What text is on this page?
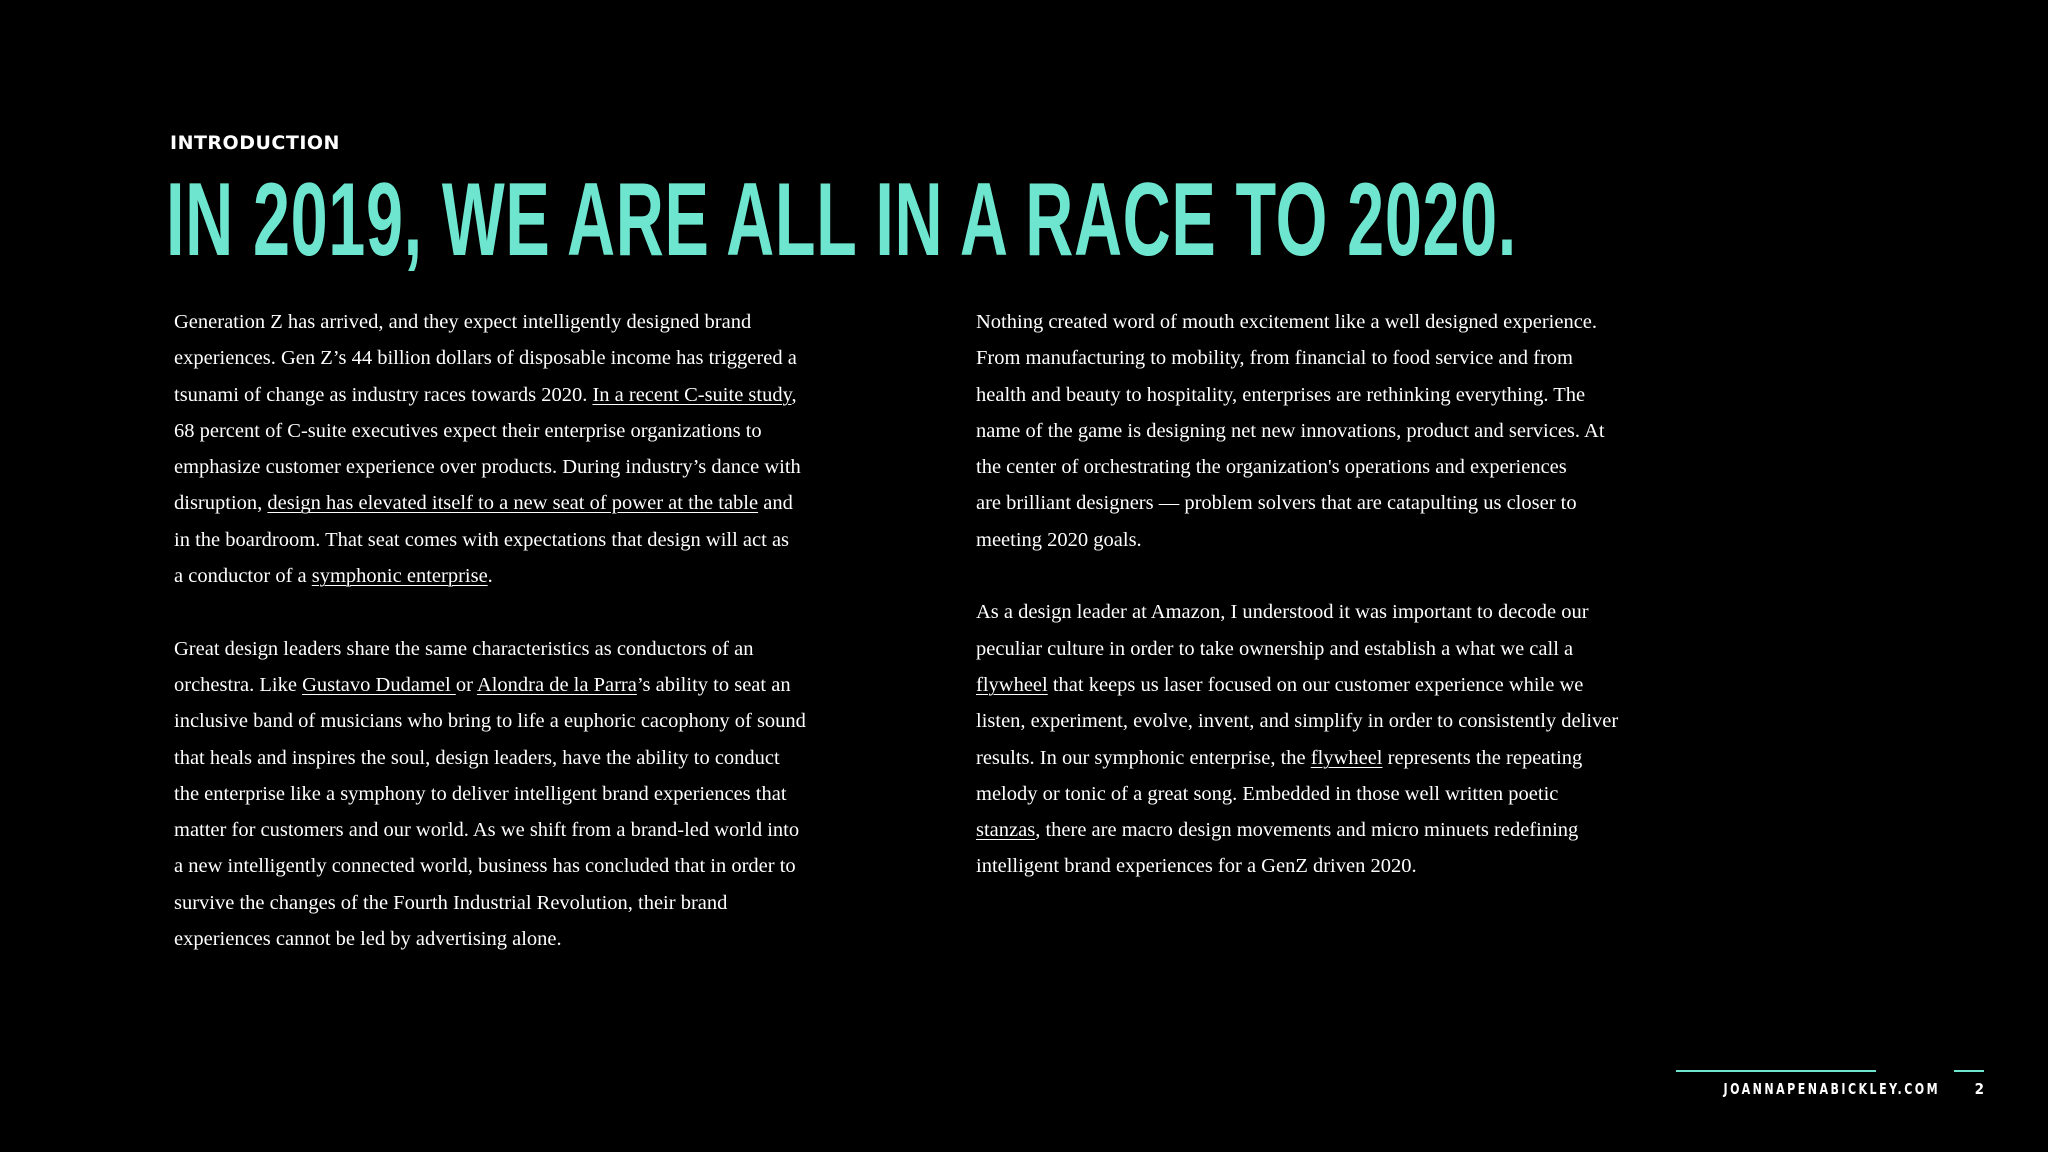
INTRODUCTION
IN 2019, WE ARE ALL IN A RACE TO 2020.

Generation Z has arrived, and they expect intelligently designed brand
experiences. Gen Z’s 44 billion dollars of disposable income has triggered a
tsunami of change as industry races towards 2020. In a recent C-suite study,
68 percent of C-suite executives expect their enterprise organizations to
emphasize customer experience over products. During industry’s dance with
disruption, design has elevated itself to a new seat of power at the table and
in the boardroom. That seat comes with expectations that design will act as
a conductor of a symphonic enterprise.

Great design leaders share the same characteristics as conductors of an
orchestra. Like Gustavo Dudamel or Alondra de la Parra’s ability to seat an
inclusive band of musicians who bring to life a euphoric cacophony of sound
that heals and inspires the soul, design leaders, have the ability to conduct
the enterprise like a symphony to deliver intelligent brand experiences that
matter for customers and our world. As we shift from a brand-led world into
a new intelligently connected world, business has concluded that in order to
survive the changes of the Fourth Industrial Revolution, their brand
experiences cannot be led by advertising alone.

Nothing created word of mouth excitement like a well designed experience.
From manufacturing to mobility, from financial to food service and from
health and beauty to hospitality, enterprises are rethinking everything. The
name of the game is designing net new innovations, product and services. At
the center of orchestrating the organization's operations and experiences
are brilliant designers — problem solvers that are catapulting us closer to
meeting 2020 goals.

As a design leader at Amazon, I understood it was important to decode our
peculiar culture in order to take ownership and establish a what we call a
flywheel that keeps us laser focused on our customer experience while we
listen, experiment, evolve, invent, and simplify in order to consistently deliver
results. In our symphonic enterprise, the flywheel represents the repeating
melody or tonic of a great song. Embedded in those well written poetic
stanzas, there are macro design movements and micro minuets redefining
intelligent brand experiences for a GenZ driven 2020.

JOANNAPENABICKLEY.COM	2
